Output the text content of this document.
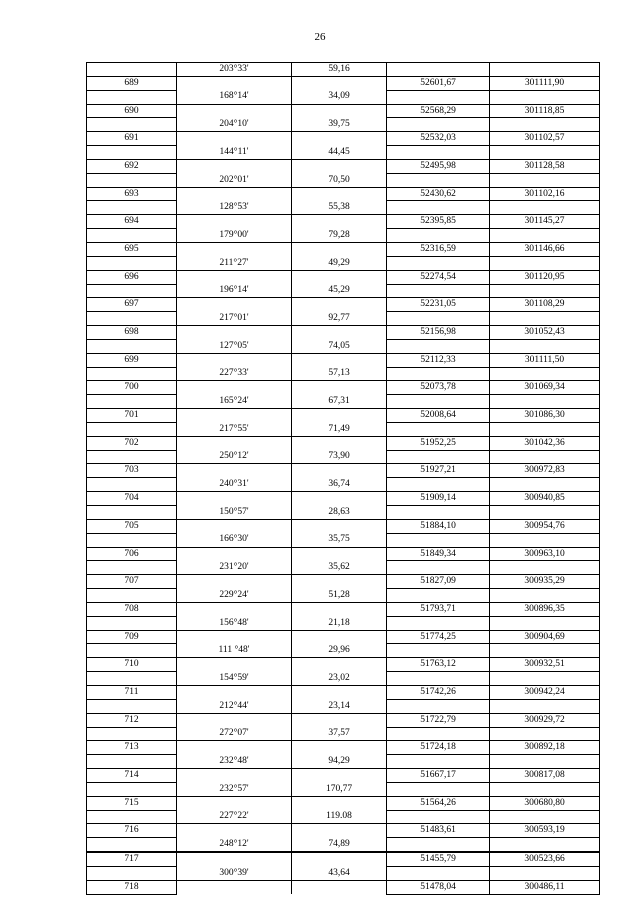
26
	203°33'	59,16		
689			52601,67	301111,90
	168°14'	34,09		
690			52568,29	301118,85
	204°10'	39,75		
691			52532,03	301102,57
	144°11'	44,45		
692			52495,98	301128,58
	202°01'	70,50		
693			52430,62	301102,16
	128°53'	55,38		
694			52395,85	301145,27
	179°00'	79,28		
695			52316,59	301146,66
	211°27'	49,29		
696			52274,54	301120,95
	196°14'	45,29		
697			52231,05	301108,29
	217°01'	92,77		
698			52156,98	301052,43
	127°05'	74,05		
699			52112,33	301111,50
	227°33'	57,13		
700			52073,78	301069,34
	165°24'	67,31		
701			52008,64	301086,30
	217°55'	71,49		
702			51952,25	301042,36
	250°12'	73,90		
703			51927,21	300972,83
	240°31'	36,74		
704			51909,14	300940,85
	150°57'	28,63		
705			51884,10	300954,76
	166°30'	35,75		
706			51849,34	300963,10
	231°20'	35,62		
707			51827,09	300935,29
	229°24'	51,28		
708			51793,71	300896,35
	156°48'	21,18		
709			51774,25	300904,69
	111 °48'	29,96		
710			51763,12	300932,51
	154°59'	23,02		
711			51742,26	300942,24
	212°44'	23,14		
712			51722,79	300929,72
	272°07'	37,57		
713			51724,18	300892,18
	232°48'	94,29		
714			51667,17	300817,08
	232°57'	170,77		
715			51564,26	300680,80
	227°22'	119.08		
716			51483,61	300593,19
	248°12'	74,89		
717			51455,79	300523,66
	300°39'	43,64		
718			51478,04	300486,11
